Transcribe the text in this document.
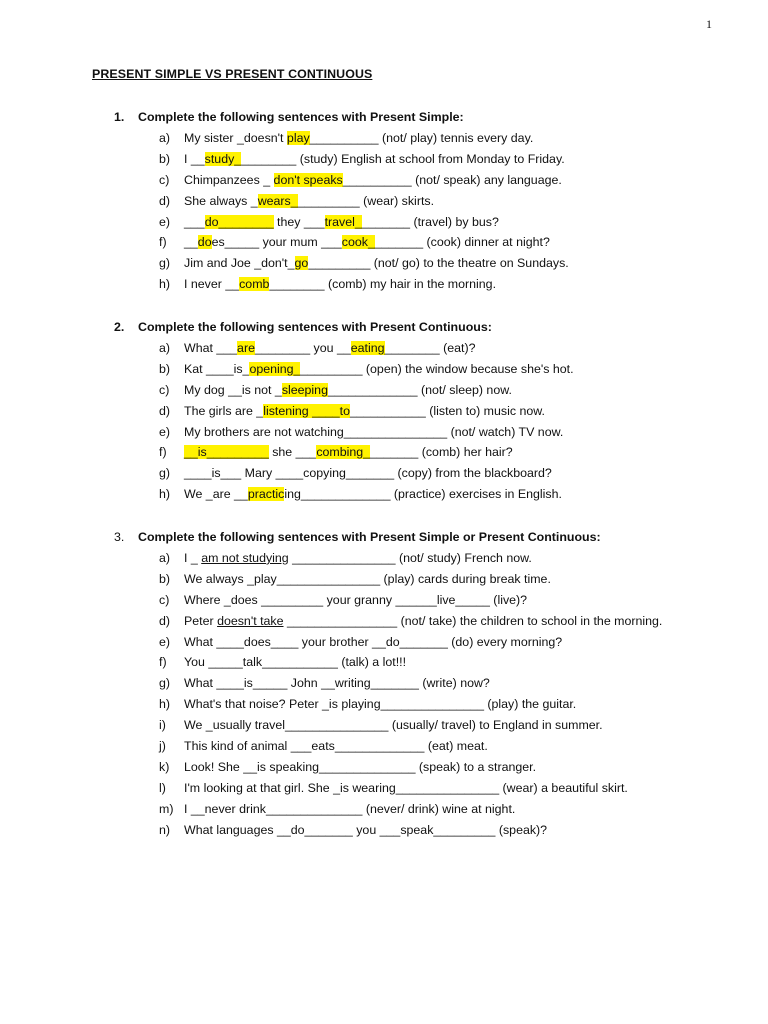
1
PRESENT SIMPLE VS PRESENT CONTINUOUS
1. Complete the following sentences with Present Simple:
a) My sister _doesn't play__________ (not/ play) tennis every day.
b) I __study_________ (study) English at school from Monday to Friday.
c) Chimpanzees _ don't speaks__________ (not/ speak) any language.
d) She always _wears__________ (wear) skirts.
e) ___do________ they ___travel________ (travel) by bus?
f) __does_____ your mum ___cook________ (cook) dinner at night?
g) Jim and Joe _don't_go_________ (not/ go) to the theatre on Sundays.
h) I never __comb________ (comb) my hair in the morning.
2. Complete the following sentences with Present Continuous:
a) What ___are________ you __eating________ (eat)?
b) Kat ____is_opening__________ (open) the window because she's hot.
c) My dog __is not _sleeping_____________ (not/ sleep) now.
d) The girls are _listening ____to___________ (listen to) music now.
e) My brothers are not watching_______________ (not/ watch) TV now.
f) __is_________ she ___combing________ (comb) her hair?
g) ____is___ Mary ____copying_______ (copy) from the blackboard?
h) We _are __practicing_____________ (practice) exercises in English.
3. Complete the following sentences with Present Simple or Present Continuous:
a) I _ am not studying _______________ (not/ study) French now.
b) We always _play_______________ (play) cards during break time.
c) Where _does _________ your granny ______live_____ (live)?
d) Peter doesn't take ________________ (not/ take) the children to school in the morning.
e) What ____does____ your brother __do_______ (do) every morning?
f) You _____talk___________ (talk) a lot!!!
g) What ____is_____ John __writing_______ (write) now?
h) What's that noise? Peter _is playing_______________ (play) the guitar.
i) We _usually travel_______________ (usually/ travel) to England in summer.
j) This kind of animal ___eats_____________ (eat) meat.
k) Look! She __is speaking______________ (speak) to a stranger.
l) I'm looking at that girl. She _is wearing_______________ (wear) a beautiful skirt.
m) I __never drink______________ (never/ drink) wine at night.
n) What languages __do_______ you ___speak_________ (speak)?
